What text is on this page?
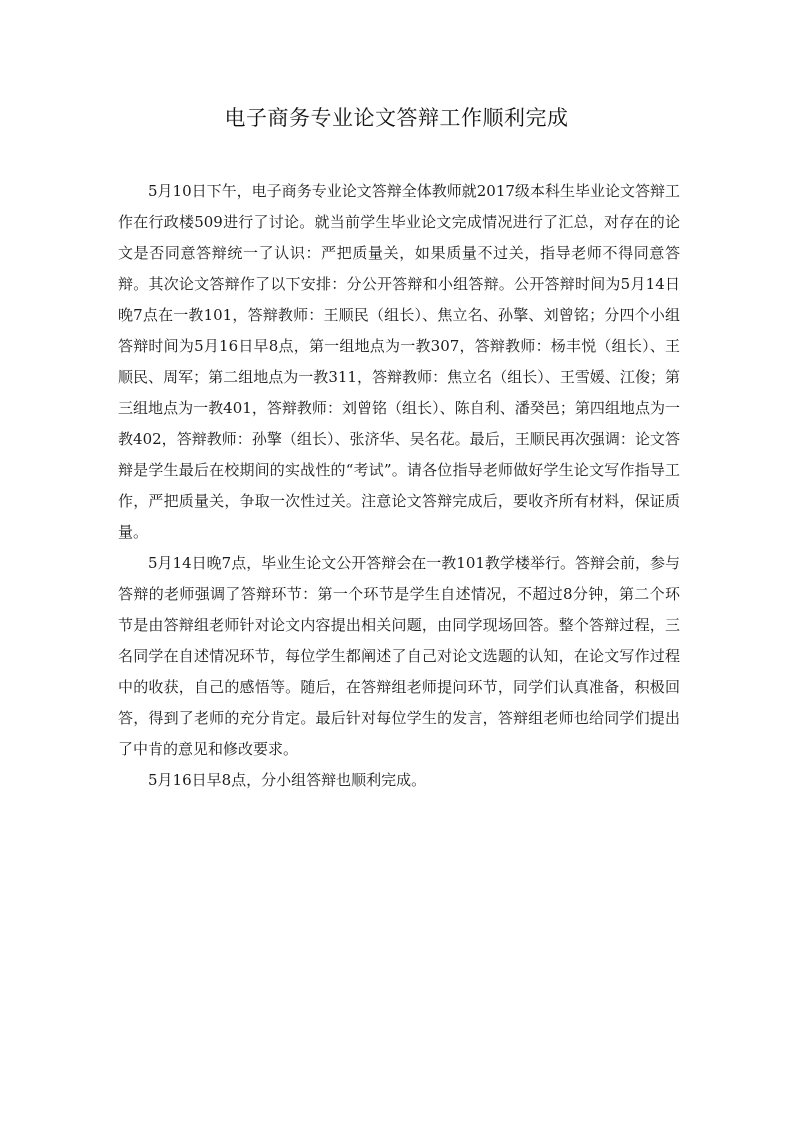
电子商务专业论文答辩工作顺利完成

5月10日下午，电子商务专业论文答辩全体教师就2017级本科生毕业论文答辩工作在行政楼509进行了讨论。就当前学生毕业论文完成情况进行了汇总，对存在的论文是否同意答辩统一了认识：严把质量关，如果质量不过关，指导老师不得同意答辩。其次论文答辩作了以下安排：分公开答辩和小组答辩。公开答辩时间为5月14日晚7点在一教101，答辩教师：王顺民（组长）、焦立名、孙擎、刘曾铭；分四个小组答辩时间为5月16日早8点，第一组地点为一教307，答辩教师：杨丰悦（组长）、王顺民、周军；第二组地点为一教311，答辩教师：焦立名（组长）、王雪媛、江俊；第三组地点为一教401，答辩教师：刘曾铭（组长）、陈自利、潘癸邑；第四组地点为一教402，答辩教师：孙擎（组长）、张济华、吴名花。最后，王顺民再次强调：论文答辩是学生最后在校期间的实战性的“考试”。请各位指导老师做好学生论文写作指导工作，严把质量关，争取一次性过关。注意论文答辩完成后，要收齐所有材料，保证质量。

5月14日晚7点，毕业生论文公开答辩会在一教101教学楼举行。答辩会前，参与答辩的老师强调了答辩环节：第一个环节是学生自述情况，不超过8分钟，第二个环节是由答辩组老师针对论文内容提出相关问题，由同学现场回答。整个答辩过程，三名同学在自述情况环节，每位学生都阐述了自己对论文选题的认知，在论文写作过程中的收获，自己的感悟等。随后，在答辩组老师提问环节，同学们认真准备，积极回答，得到了老师的充分肯定。最后针对每位学生的发言，答辩组老师也给同学们提出了中肯的意见和修改要求。

5月16日早8点，分小组答辩也顺利完成。
